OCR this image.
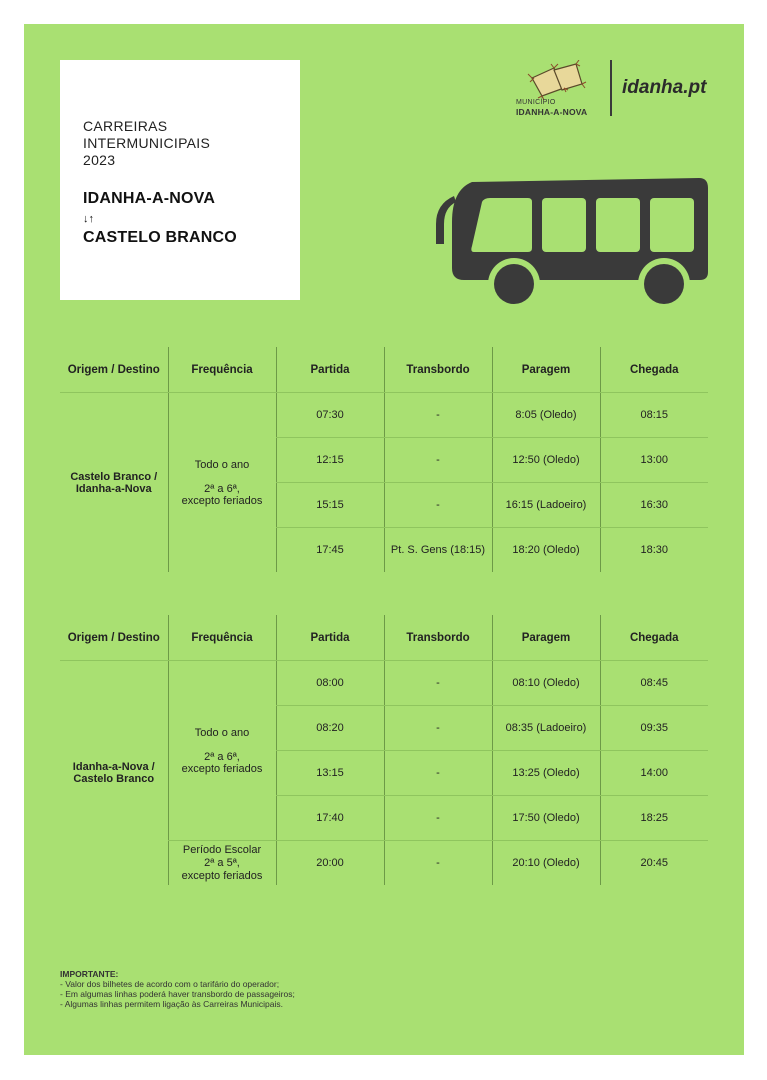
CARREIRAS
INTERMUNICIPAIS
2023
IDANHA-A-NOVA
↓↑
CASTELO BRANCO
MUNICÍPIO
IDANHA-A-NOVA
idanha.pt
Origem / Destino	Frequência	Partida	Transbordo	Paragem	Chegada
Castelo Branco / Idanha-a-Nova	Todo o ano
2ª a 6ª,
excepto feriados	07:30	-	8:05 (Oledo)	08:15
		12:15	-	12:50 (Oledo)	13:00
		15:15	-	16:15 (Ladoeiro)	16:30
		17:45	Pt. S. Gens (18:15)	18:20 (Oledo)	18:30
Origem / Destino	Frequência	Partida	Transbordo	Paragem	Chegada
Idanha-a-Nova / Castelo Branco	Todo o ano
2ª a 6ª,
excepto feriados	08:00	-	08:10 (Oledo)	08:45
		08:20	-	08:35 (Ladoeiro)	09:35
		13:15	-	13:25 (Oledo)	14:00
		17:40	-	17:50 (Oledo)	18:25

	Período Escolar
2ª a 5ª,
excepto feriados	20:00	-	20:10 (Oledo)	20:45
IMPORTANTE:
- Valor dos bilhetes de acordo com o tarifário do operador;
- Em algumas linhas poderá haver transbordo de passageiros;
- Algumas linhas permitem ligação às Carreiras Municipais.
